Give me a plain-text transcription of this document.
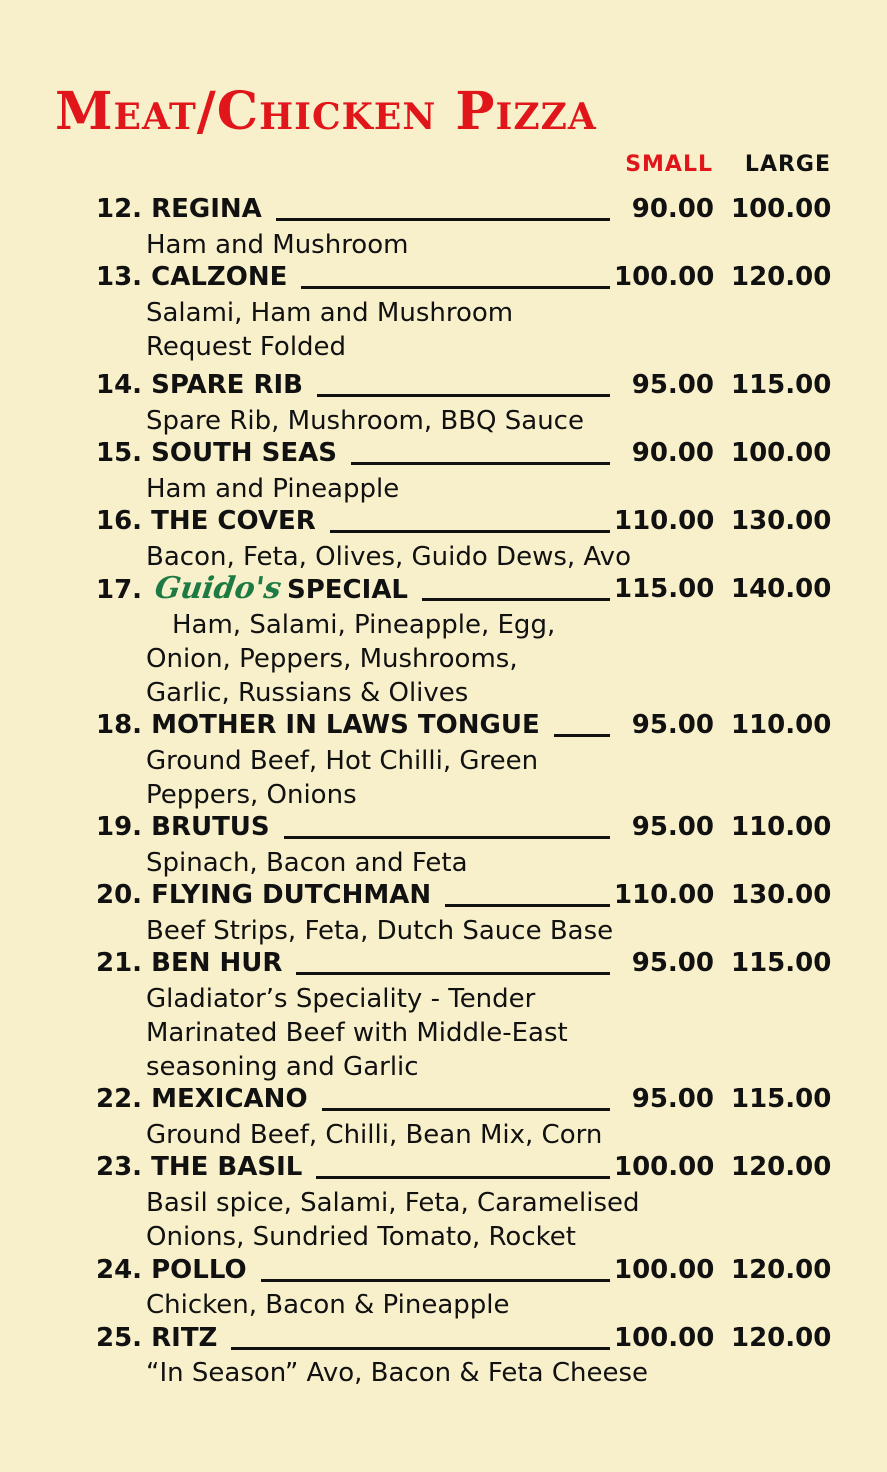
Meat/Chicken Pizza
SMALL LARGE
12.
REGINA	90.00 100.00
Ham and Mushroom
13.
CALZONE	100.00 120.00
Salami, Ham and Mushroom
Request Folded
14.
SPARE RIB	95.00 115.00
Spare Rib, Mushroom, BBQ Sauce
15.
SOUTH SEAS	90.00 100.00
Ham and Pineapple
16.
THE COVER	110.00 130.00
Bacon, Feta, Olives, Guido Dews, Avo
17.
Guido's SPECIAL	115.00 140.00
Ham, Salami, Pineapple, Egg,
Onion, Peppers, Mushrooms,
Garlic, Russians & Olives
18.
MOTHER IN LAWS TONGUE	95.00 110.00
Ground Beef, Hot Chilli, Green
Peppers, Onions
19.
BRUTUS	95.00 110.00
Spinach, Bacon and Feta
20.
FLYING DUTCHMAN	110.00 130.00
Beef Strips, Feta, Dutch Sauce Base
21.
BEN HUR	95.00 115.00
Gladiator’s Speciality - Tender
Marinated Beef with Middle-East
seasoning and Garlic
22.
MEXICANO	95.00 115.00
Ground Beef, Chilli, Bean Mix, Corn
23.
THE BASIL	100.00 120.00
Basil spice, Salami, Feta, Caramelised
Onions, Sundried Tomato, Rocket
24.
POLLO	100.00 120.00
Chicken, Bacon & Pineapple
25.
RITZ	100.00 120.00
“In Season” Avo, Bacon & Feta Cheese
